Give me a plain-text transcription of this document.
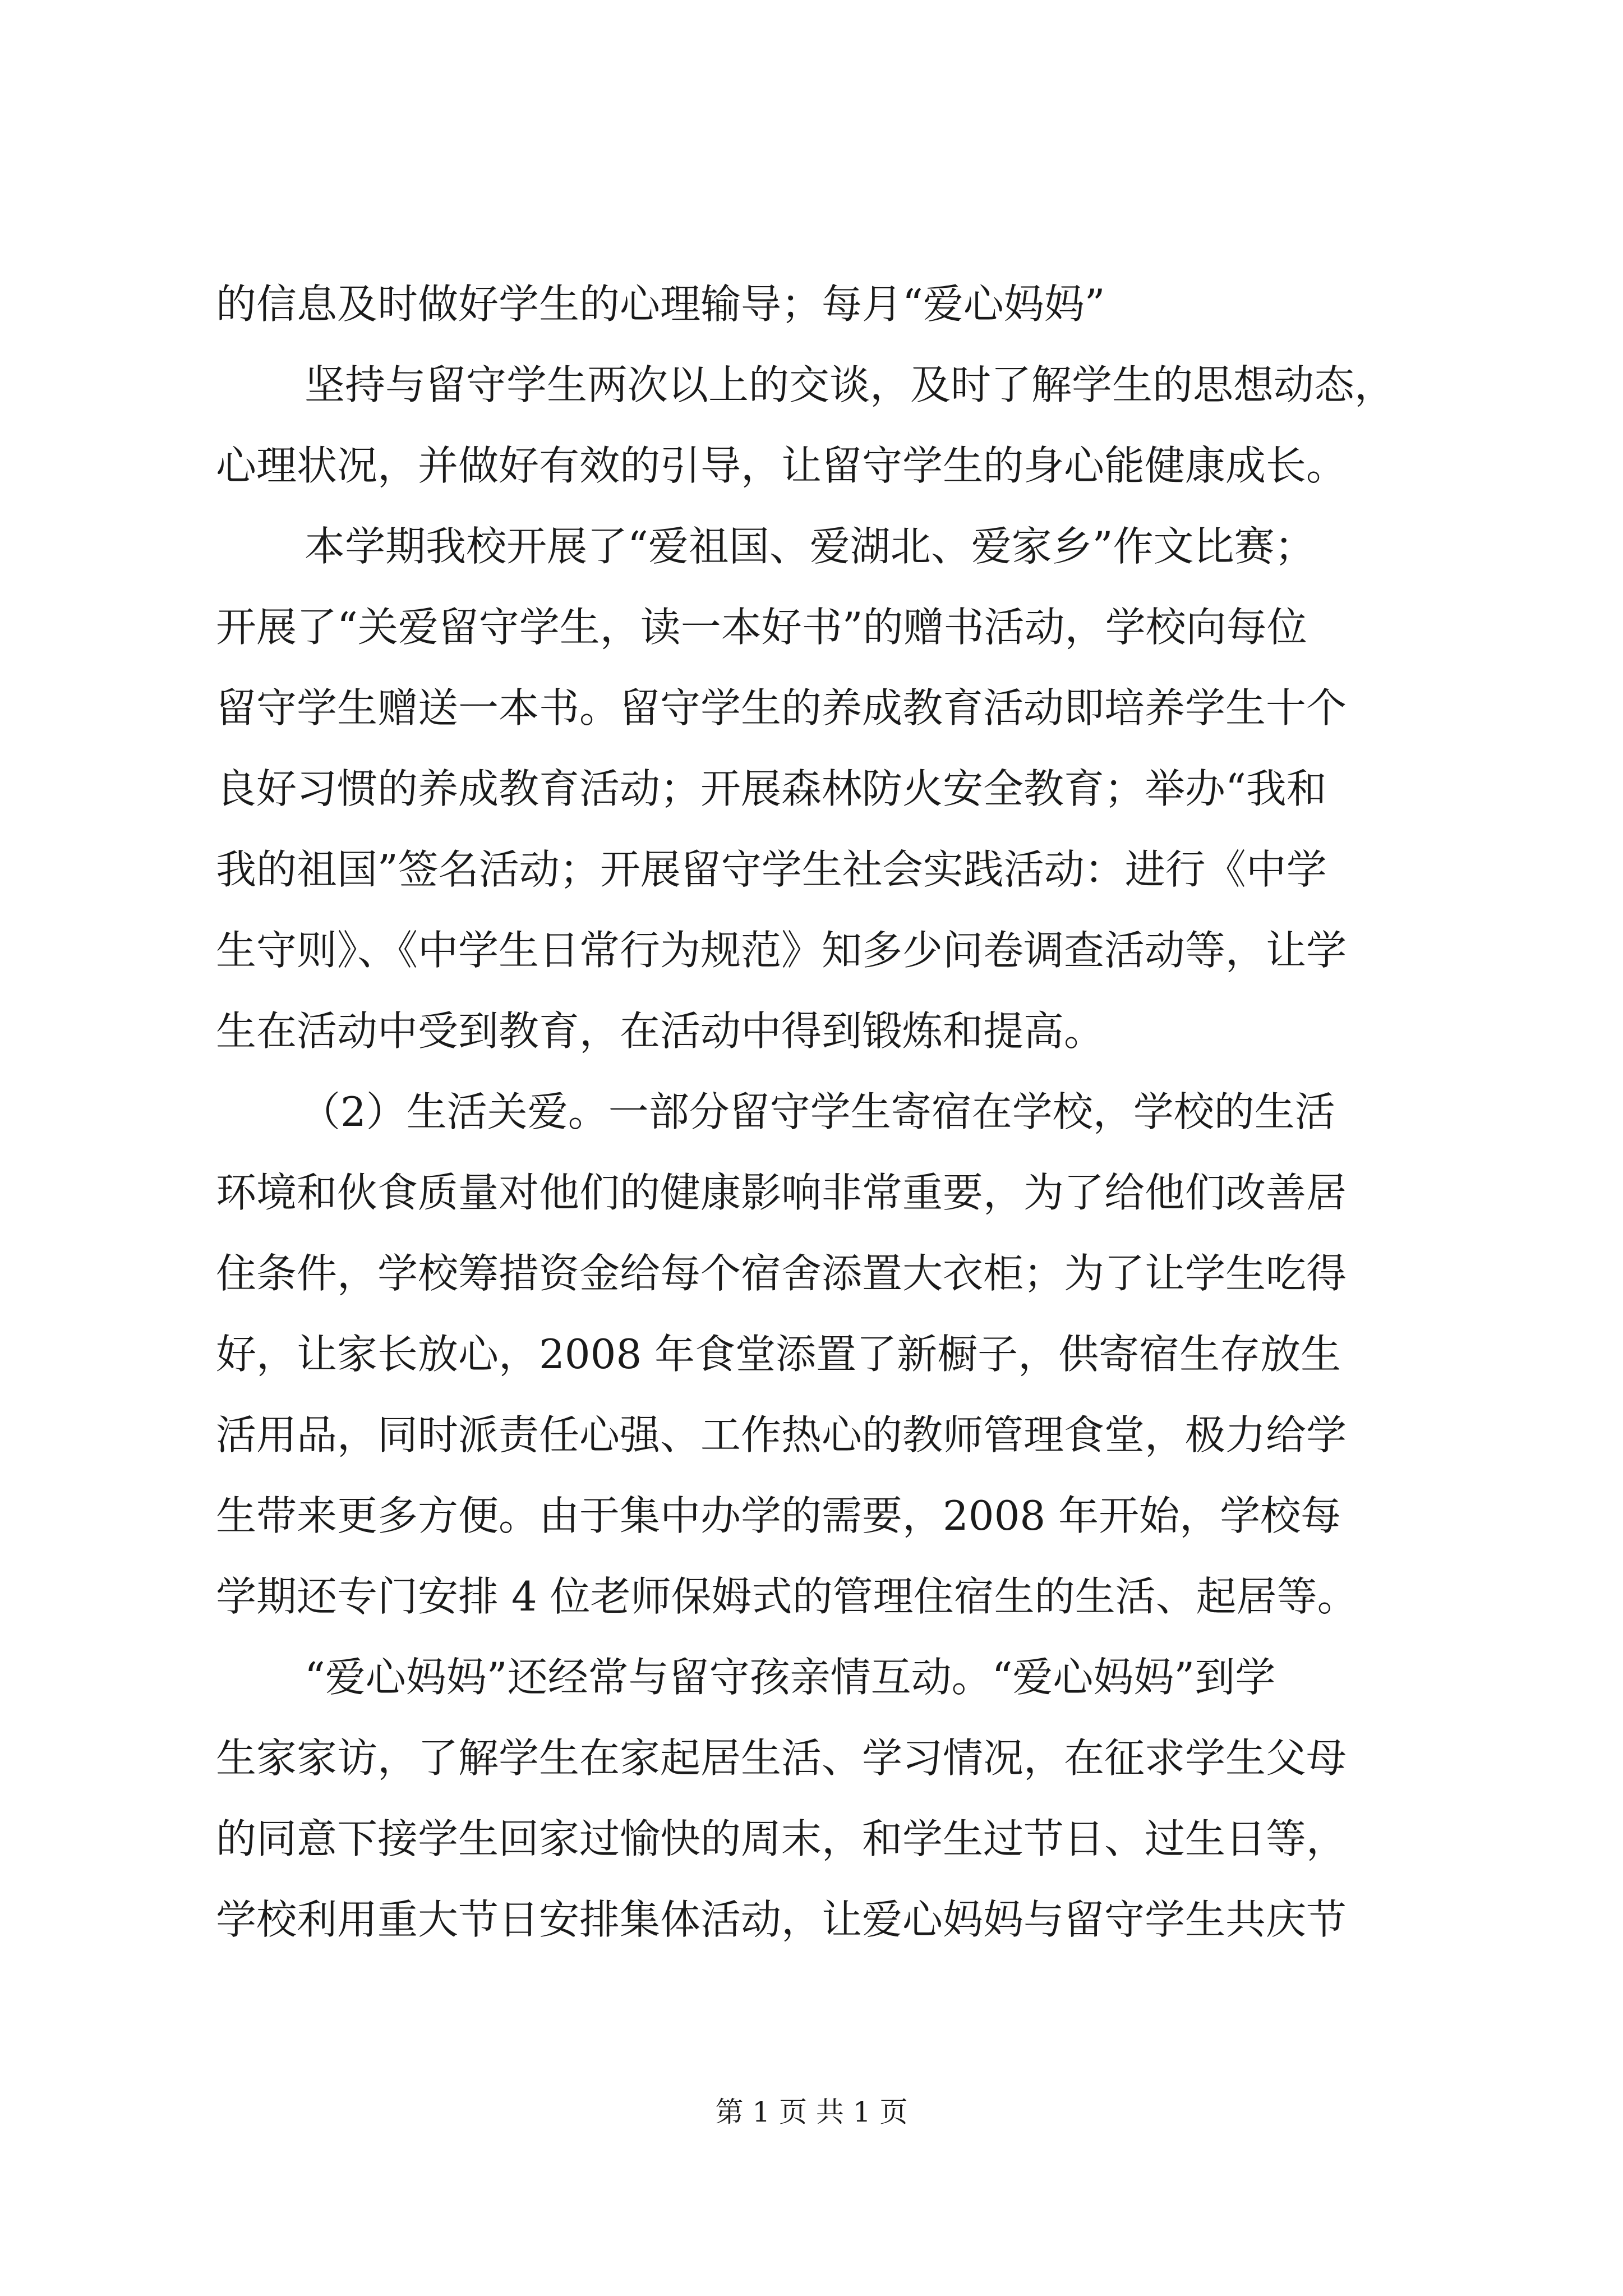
的信息及时做好学生的心理输导；每月“爱心妈妈”
坚持与留守学生两次以上的交谈，及时了解学生的思想动态，
心理状况，并做好有效的引导，让留守学生的身心能健康成长。
本学期我校开展了“爱祖国、爱湖北、爱家乡”作文比赛；
开展了“关爱留守学生，读一本好书”的赠书活动，学校向每位
留守学生赠送一本书。留守学生的养成教育活动即培养学生十个
良好习惯的养成教育活动；开展森林防火安全教育；举办“我和
我的祖国”签名活动；开展留守学生社会实践活动：进行《中学
生守则》、《中学生日常行为规范》知多少问卷调查活动等，让学
生在活动中受到教育，在活动中得到锻炼和提高。
（2）生活关爱。一部分留守学生寄宿在学校，学校的生活
环境和伙食质量对他们的健康影响非常重要，为了给他们改善居
住条件，学校筹措资金给每个宿舍添置大衣柜；为了让学生吃得
好，让家长放心，2008 年食堂添置了新橱子，供寄宿生存放生
活用品，同时派责任心强、工作热心的教师管理食堂，极力给学
生带来更多方便。由于集中办学的需要，2008 年开始，学校每
学期还专门安排 4 位老师保姆式的管理住宿生的生活、起居等。
“爱心妈妈”还经常与留守孩亲情互动。“爱心妈妈”到学
生家家访，了解学生在家起居生活、学习情况，在征求学生父母
的同意下接学生回家过愉快的周末，和学生过节日、过生日等，
学校利用重大节日安排集体活动，让爱心妈妈与留守学生共庆节
第 1 页 共 1 页
